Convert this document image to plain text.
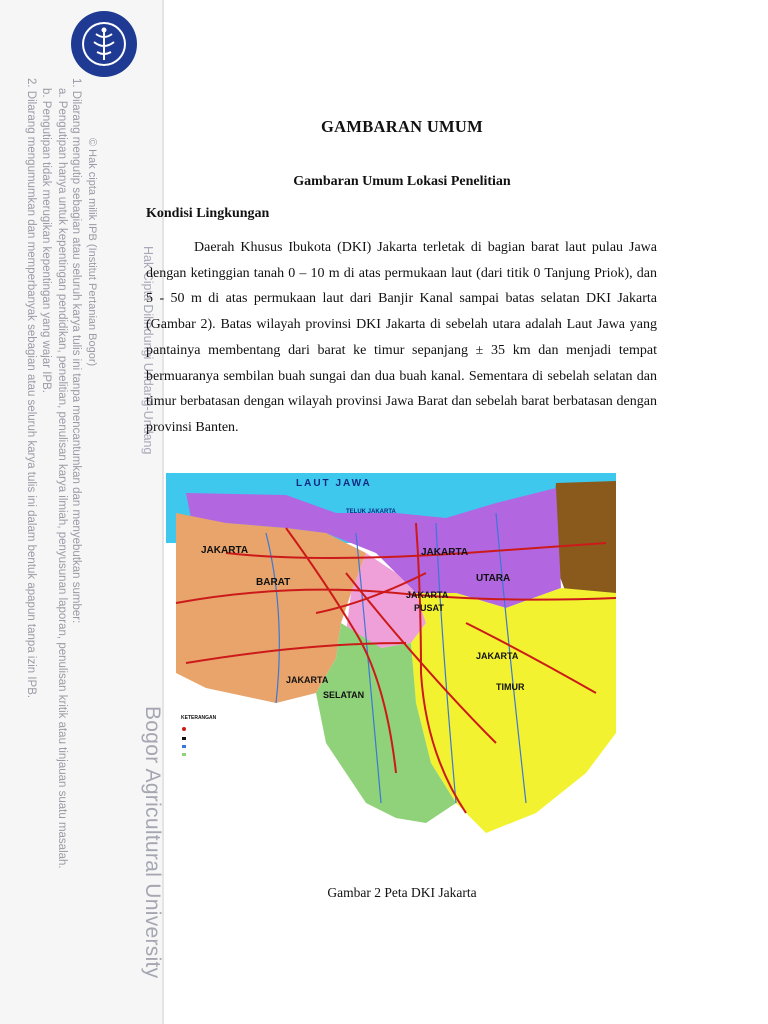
© Hak cipta milik IPB (Institut Pertanian Bogor)
1. Dilarang mengutip sebagian atau seluruh karya tulis ini tanpa mencantumkan dan menyebutkan sumber:
a. Pengutipan hanya untuk kepentingan pendidikan, penelitian, penulisan karya ilmiah, penyusunan laporan, penulisan kritik atau tinjauan suatu masalah.
b. Pengutipan tidak merugikan kepentingan yang wajar IPB.
2. Dilarang mengumumkan dan memperbanyak sebagian atau seluruh karya tulis ini dalam bentuk apapun tanpa izin IPB.	Hak Cipta Dilindungi Undang-Undang
Bogor Agricultural University
GAMBARAN UMUM
Gambaran Umum Lokasi Penelitian
Kondisi Lingkungan

Daerah Khusus Ibukota (DKI) Jakarta terletak di bagian barat laut pulau Jawa dengan ketinggian tanah 0 – 10 m di atas permukaan laut (dari titik 0 Tanjung Priok), dan 5 - 50 m di atas permukaan laut dari Banjir Kanal sampai batas selatan DKI Jakarta (Gambar 2). Batas wilayah provinsi DKI Jakarta di sebelah utara adalah Laut Jawa yang pantainya membentang dari barat ke timur sepanjang ± 35 km dan menjadi tempat bermuaranya sembilan buah sungai dan dua buah kanal. Sementara di sebelah selatan dan timur berbatasan dengan wilayah provinsi Jawa Barat dan sebelah barat berbatasan dengan provinsi Banten.

LAUT JAWA
TELUK JAKARTA
JAKARTA
BARAT
JAKARTA
UTARA
JAKARTA
PUSAT
JAKARTA
TIMUR
JAKARTA
SELATAN
KETERANGAN
Gambar 2 Peta DKI Jakarta
